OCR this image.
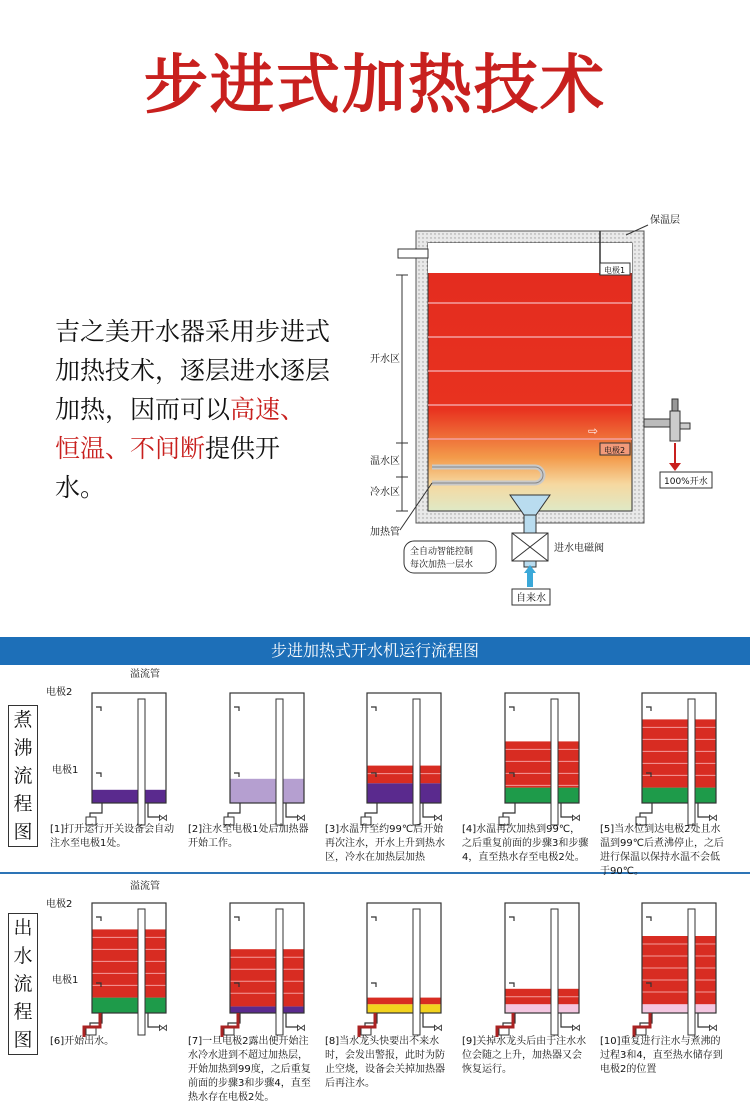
步进式加热技术
吉之美开水器采用步进式加热技术，逐层进水逐层加热，因而可以高速、恒温、不间断提供开水。
电极1
电极2
⇨
保温层
开水区
温水区
冷水区
加热管
100%开水
进水电磁阀
全自动智能控制
每次加热一层水
自来水
步进加热式开水机运行流程图
煮
沸
流
程
图
出
水
流
程
图
⋈	⋈	⋈	⋈	⋈
⋈	⋈	⋈	⋈	⋈
溢流管
电极2
电极1
溢流管
电极2
电极1
[1]打开运行开关设备会自动注水至电极1处。
[2]注水至电极1处后加热器开始工作。
[3]水温升至约99℃后开始再次注水，开水上升到热水区，冷水在加热层加热
[4]水温再次加热到99℃，之后重复前面的步骤3和步骤4，直至热水存至电极2处。
[5]当水位到达电极2处且水温到99℃后煮沸停止，之后进行保温以保持水温不会低于90℃。
[6]开始出水。	[7]一旦电极2露出便开始注水冷水进到不超过加热层，开始加热到99度，之后重复前面的步骤3和步骤4，直至热水存在电极2处。
[8]当水龙头快要出不来水时，会发出警报，此时为防止空烧，设备会关掉加热器后再注水。
[9]关掉水龙头后由于注水水位会随之上升，加热器又会恢复运行。
[10]重复进行注水与煮沸的过程3和4，直至热水储存到电极2的位置
